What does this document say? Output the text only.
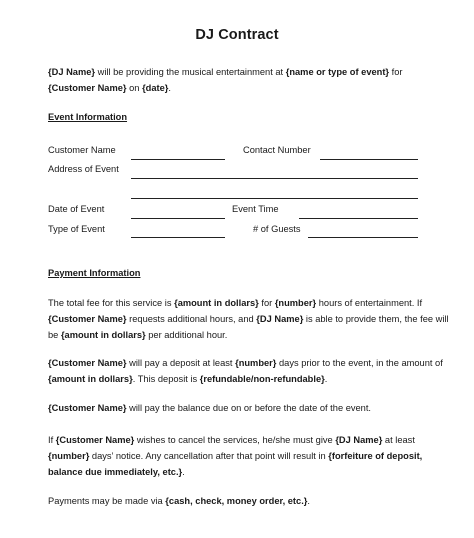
DJ Contract
{DJ Name} will be providing the musical entertainment at {name or type of event} for
{Customer Name} on {date}.
Event Information
Customer Name	Contact Number
Address of Event
Date of Event	Event Time
Type of Event	# of Guests
Payment Information
The total fee for this service is {amount in dollars} for {number} hours of entertainment. If
{Customer Name} requests additional hours, and {DJ Name} is able to provide them, the fee will
be {amount in dollars} per additional hour.
{Customer Name} will pay a deposit at least {number} days prior to the event, in the amount of
{amount in dollars}. This deposit is {refundable/non-refundable}.
{Customer Name} will pay the balance due on or before the date of the event.
If {Customer Name} wishes to cancel the services, he/she must give {DJ Name} at least
{number} days’ notice. Any cancellation after that point will result in {forfeiture of deposit,
balance due immediately, etc.}.
Payments may be made via {cash, check, money order, etc.}.
